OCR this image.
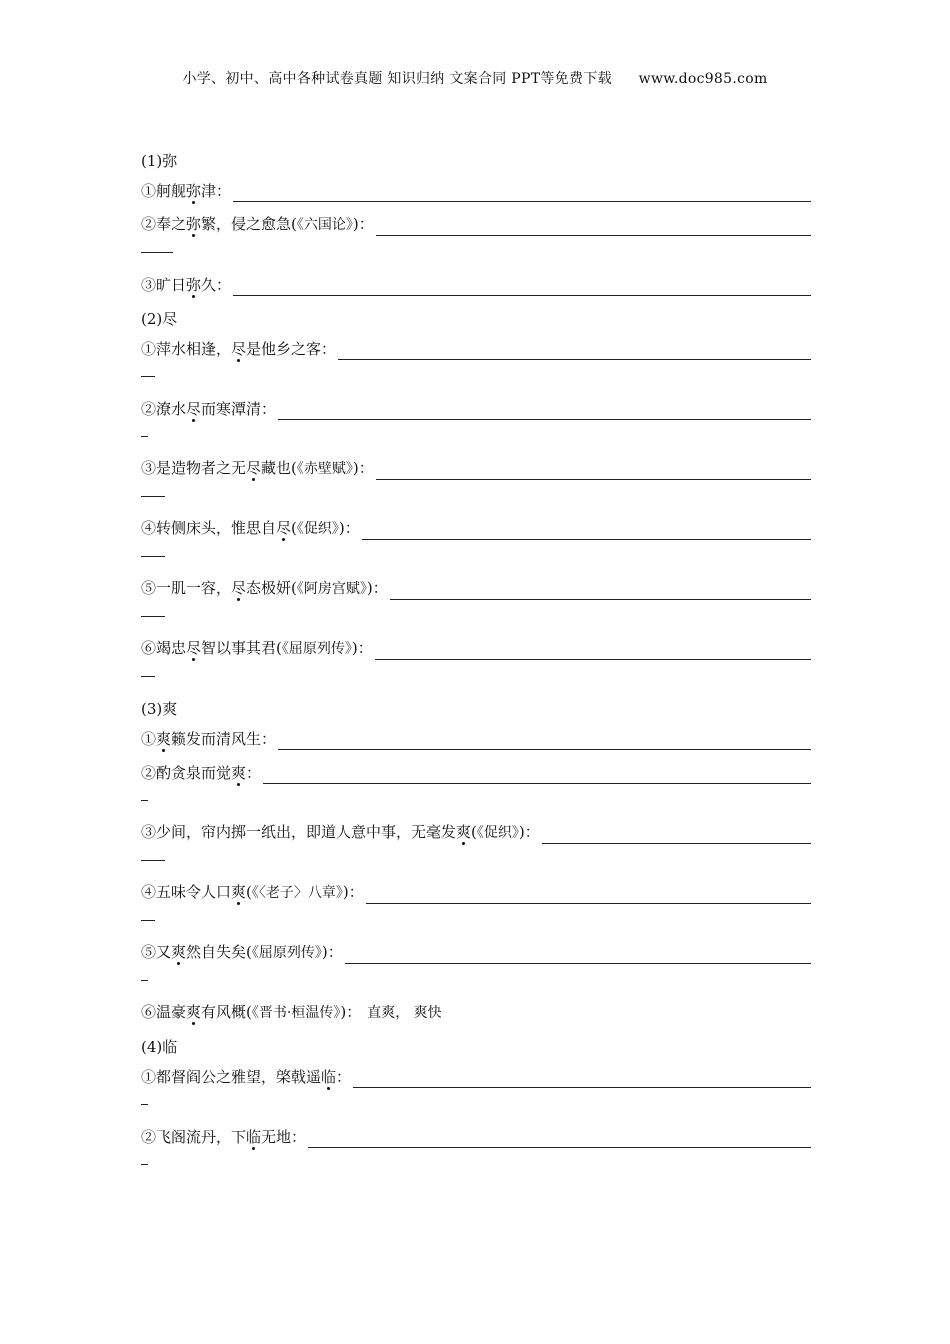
小学、初中、高中各种试卷真题 知识归纳 文案合同 PPT等免费下载 www.doc985.com
(1)弥
①舸舰弥津：
②奉之弥繁，侵之愈急(《六国论》)：
③旷日弥久：
(2)尽
①萍水相逢，尽是他乡之客：
②潦水尽而寒潭清：
③是造物者之无尽藏也(《赤壁赋》)：
④转侧床头，惟思自尽(《促织》)：
⑤一肌一容，尽态极妍(《阿房宫赋》)：
⑥竭忠尽智以事其君(《屈原列传》)：
(3)爽
①爽籁发而清风生：
②酌贪泉而觉爽：
③少间，帘内掷一纸出，即道人意中事，无毫发爽(《促织》)：
④五味令人口爽(《〈老子〉八章》)：
⑤又爽然自失矣(《屈原列传》)：
⑥温豪爽有风概(《晋书·桓温传》)： 直爽， 爽快
(4)临
①都督阎公之雅望，棨戟遥临：
②飞阁流丹，下临无地：
